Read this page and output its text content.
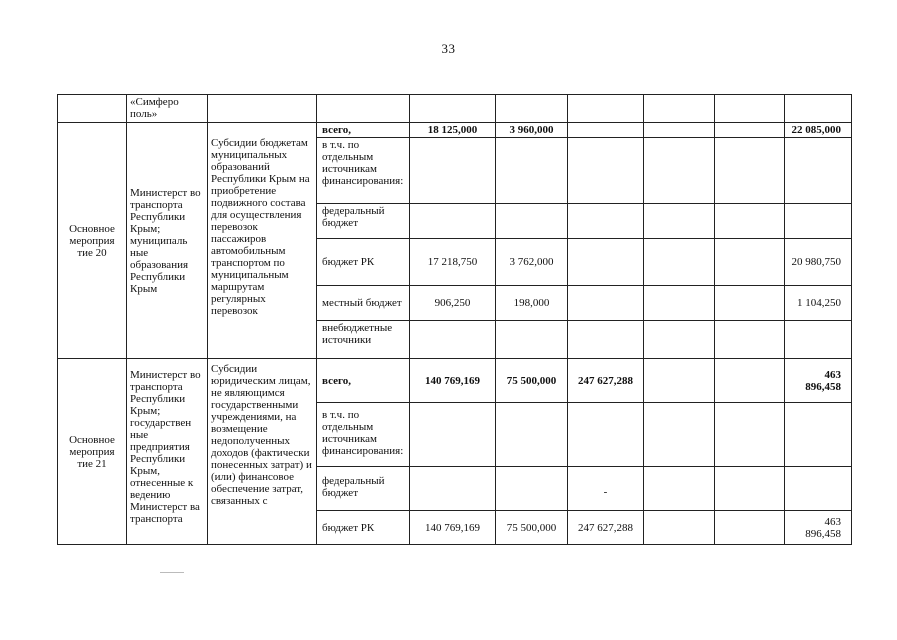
33
	«Симферо поль»								
Основное мероприя тие 20	Министерст во транспорта Республики Крым; муниципаль ные образования Республики Крым	Субсидии бюджетам муниципальных образований Республики Крым на приобретение подвижного состава для осуществления перевозок пассажиров автомобильным транспортом по муниципальным маршрутам регулярных перевозок	всего,	18 125,000	3 960,000				22 085,000
			в т.ч. по отдельным источникам финансирования:						
			федеральный бюджет						
			бюджет РК	17 218,750	3 762,000				20 980,750
			местный бюджет	906,250	198,000				1 104,250
			внебюджетные источники						
Основное мероприя тие 21	Министерст во транспорта Республики Крым; государствен ные предприятия Республики Крым, отнесенные к ведению Министерст ва транспорта	Субсидии юридическим лицам, не являющимся государственными учреждениями, на возмещение недополученных доходов (фактически понесенных затрат) и (или) финансовое обеспечение затрат, связанных с	всего,	140 769,169	75 500,000	247 627,288			463 896,458
			в т.ч. по отдельным источникам финансирования:						
			федеральный бюджет			-			
			бюджет РК	140 769,169	75 500,000	247 627,288			463 896,458
